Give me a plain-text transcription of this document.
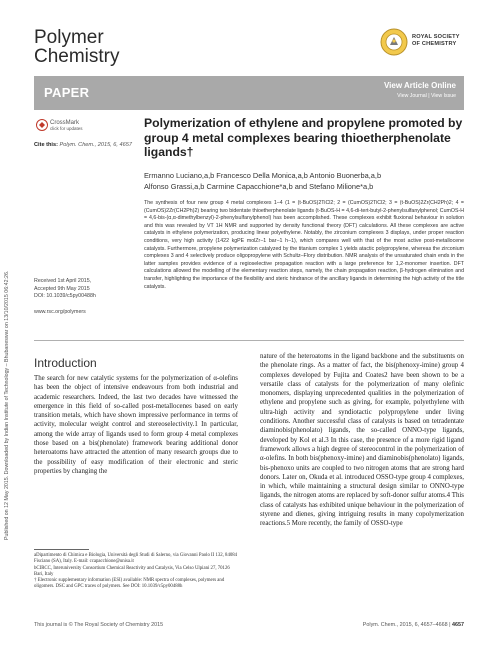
Published on 12 May 2015. Downloaded by Indian Institute of Technology – Bhubaneswar on 13/10/2015 06:42:26.
Polymer
Chemistry
ROYAL SOCIETY
OF CHEMISTRY
PAPER	View Article Online
View Journal | View Issue
CrossMark
click for updates
Cite this: Polym. Chem., 2015, 6, 4657
Polymerization of ethylene and propylene promoted by group 4 metal complexes bearing thioetherphenolate ligands†
Ermanno Luciano,a,b Francesco Della Monica,a,b Antonio Buonerba,a,b
Alfonso Grassi,a,b Carmine Capacchione*a,b and Stefano Milione*a,b
The synthesis of four new group 4 metal complexes 1–4 (1 = (t-BuOS)2TiCl2; 2 = (CumOS)2TiCl2; 3 = (t-BuOS)2Zr(CH2Ph)2; 4 = (CumOS)2Zr(CH2Ph)2) bearing two bidentate thioetherphenolate ligands (t-BuOS-H = 4,6-di-tert-butyl-2-phenylsulfanylphenol; CumOS-H = 4,6-bis-(α,α-dimethylbenzyl)-2-phenylsulfanylphenol) has been accomplished. These complexes exhibit fluxional behaviour in solution and this was revealed by VT 1H NMR and supported by density functional theory (DFT) calculations. All these complexes are active catalysts in ethylene polymerization, producing linear polyethylene. Notably, the zirconium complexes 3 displays, under proper reaction conditions, very high activity (1422 kgPE molZr−1 bar−1 h−1), which compares well with that of the most active post-metallocene catalysts. Furthermore, propylene polymerization catalyzed by the titanium complex 1 yields atactic polypropylene, whereas the zirconium complexes 3 and 4 selectively produce oligopropylene with Schultz–Flory distribution. NMR analysis of the unsaturated chain ends in the latter samples provides evidence of a regioselective propagation reaction with a large preference for 1,2-monomer insertion. DFT calculations allowed the modelling of the elementary reaction steps, namely, the chain propagation reaction, β-hydrogen elimination and transfer, highlighting the importance of the flexibility and steric hindrance of the ancillary ligands in determining the high activity of the title catalysts.
Received 1st April 2015,
Accepted 9th May 2015
DOI: 10.1039/c5py00488h
www.rsc.org/polymers
Introduction
The search for new catalytic systems for the polymerization of α-olefins has been the object of intensive endeavours from both industrial and academic researchers. Indeed, the last two decades have witnessed the emergence in this field of so-called post-metallocenes based on early transition metals, which have shown impressive performance in terms of activity, molecular weight control and stereoselectivity.1 In particular, among the wide array of ligands used to form group 4 metal complexes those based on a bis(phenolate) framework bearing additional donor heteroatoms have attracted the attention of many research groups due to the possibility of easy modification of their electronic and steric properties by changing the
nature of the heteroatoms in the ligand backbone and the substituents on the phenolate rings. As a matter of fact, the bis(phenoxy-imine) group 4 complexes developed by Fujita and Coates2 have been shown to be a versatile class of catalysts for the polymerization of many olefinic monomers, displaying unprecedented qualities in the polymerization of ethylene and propylene such as giving, for example, polyethylene with ultra-high activity and syndiotactic polypropylene under living conditions. Another successful class of catalysts is based on tetradentate diaminobis(phenolato) ligands, the so-called ONNO-type ligands, developed by Kol et al.3 In this case, the presence of a more rigid ligand framework allows a high degree of stereocontrol in the polymerization of α-olefins. In both bis(phenoxy-imine) and diaminobis(phenolato) ligands, bis-phenoxo units are coupled to two nitrogen atoms that are strong hard donors. Later on, Okuda et al. introduced OSSO-type group 4 complexes, in which, while maintaining a structural design similar to ONNO-type ligands, the nitrogen atoms are replaced by soft-donor sulfur atoms.4 This class of catalysts has exhibited unique behaviour in the polymerization of styrene and dienes, giving intriguing results in many copolymerization reactions.5 More recently, the family of OSSO-type
aDipartimento di Chimica e Biologia, Università degli Studi di Salerno, via Giovanni Paolo II 132, 84084 Fisciano (SA), Italy. E-mail: ccapacchione@unisa.it
bCIRCC, Interuniversity Consortium Chemical Reactivity and Catalysis, Via Celso Ulpiani 27, 70126 Bari, Italy
† Electronic supplementary information (ESI) available: NMR spectra of complexes, polymers and oligomers. DSC and GPC traces of polymers. See DOI: 10.1039/c5py00488h
This journal is © The Royal Society of Chemistry 2015	Polym. Chem., 2015, 6, 4657–4668 | 4657
